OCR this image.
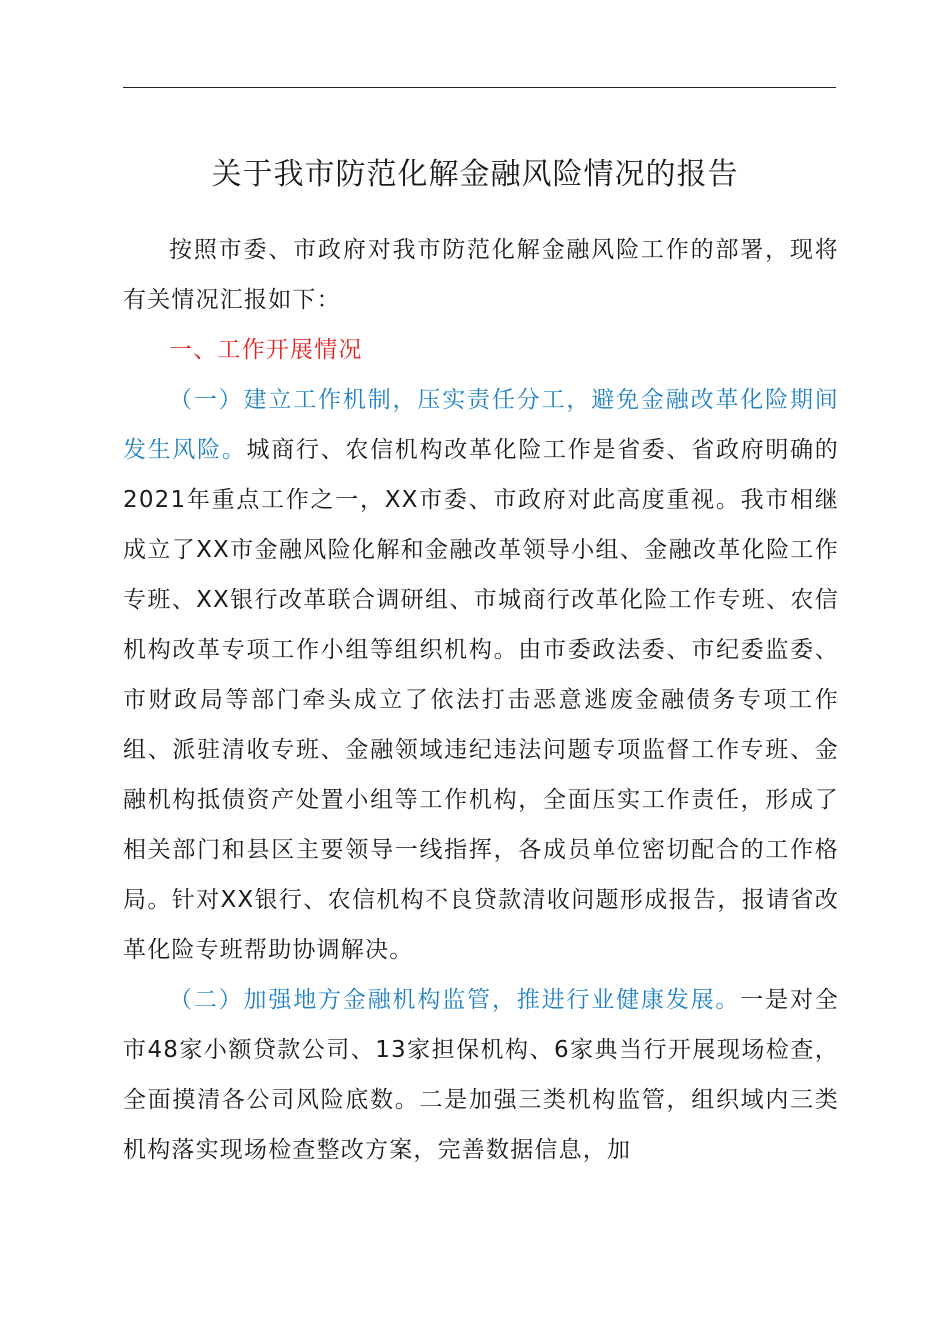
关于我市防范化解金融风险情况的报告

按照市委、市政府对我市防范化解金融风险工作的部署，现将有关情况汇报如下：

一、工作开展情况

（一）建立工作机制，压实责任分工，避免金融改革化险期间发生风险。城商行、农信机构改革化险工作是省委、省政府明确的2021年重点工作之一，XX市委、市政府对此高度重视。我市相继成立了XX市金融风险化解和金融改革领导小组、金融改革化险工作专班、XX银行改革联合调研组、市城商行改革化险工作专班、农信机构改革专项工作小组等组织机构。由市委政法委、市纪委监委、市财政局等部门牵头成立了依法打击恶意逃废金融债务专项工作组、派驻清收专班、金融领域违纪违法问题专项监督工作专班、金融机构抵债资产处置小组等工作机构，全面压实工作责任，形成了相关部门和县区主要领导一线指挥，各成员单位密切配合的工作格局。针对XX银行、农信机构不良贷款清收问题形成报告，报请省改革化险专班帮助协调解决。

（二）加强地方金融机构监管，推进行业健康发展。一是对全市48家小额贷款公司、13家担保机构、6家典当行开展现场检查，全面摸清各公司风险底数。二是加强三类机构监管，组织域内三类机构落实现场检查整改方案，完善数据信息，加
